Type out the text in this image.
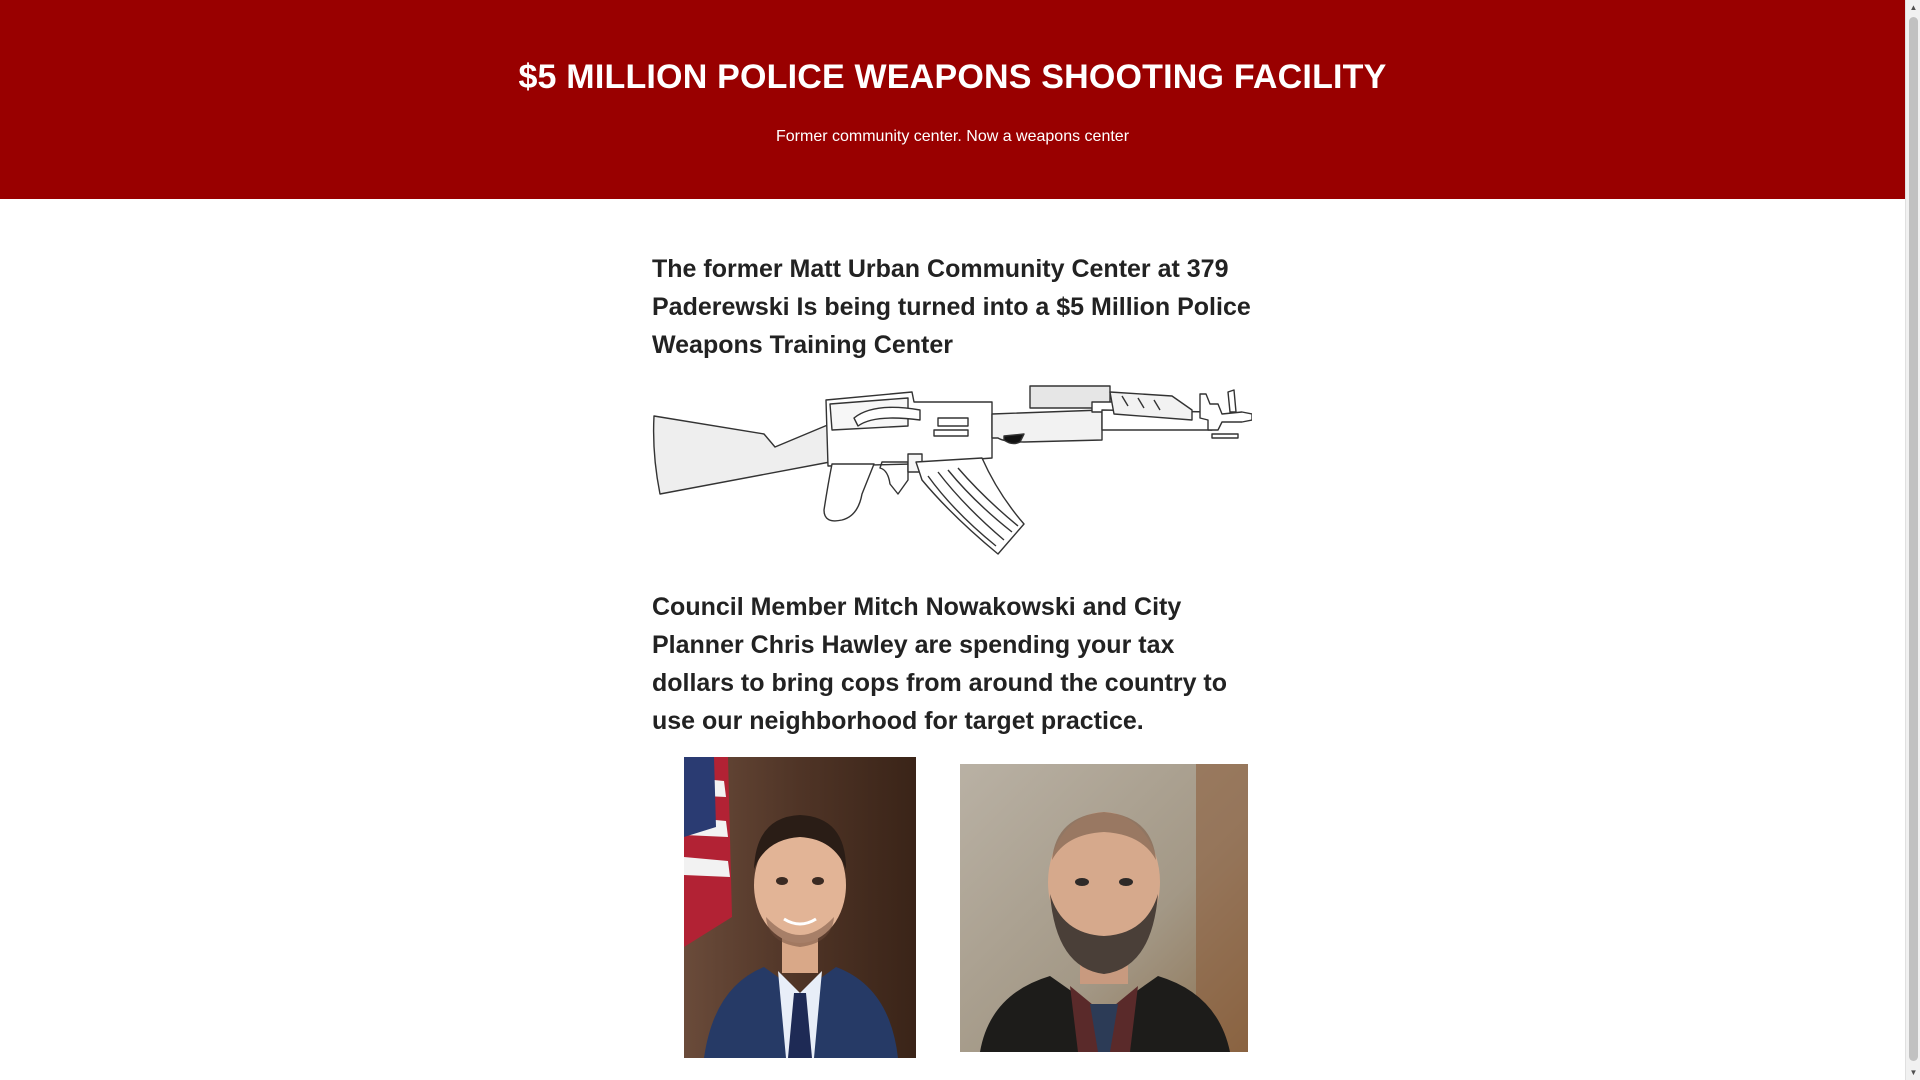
$5 MILLION POLICE WEAPONS SHOOTING FACILITY

Former community center. Now a weapons center

The former Matt Urban Community Center at 379 Paderewski Is being turned into a $5 Million Police Weapons Training Center

Council Member Mitch Nowakowski and City Planner Chris Hawley are spending your tax dollars to bring cops from around the country to use our neighborhood for target practice.

▲
▼
